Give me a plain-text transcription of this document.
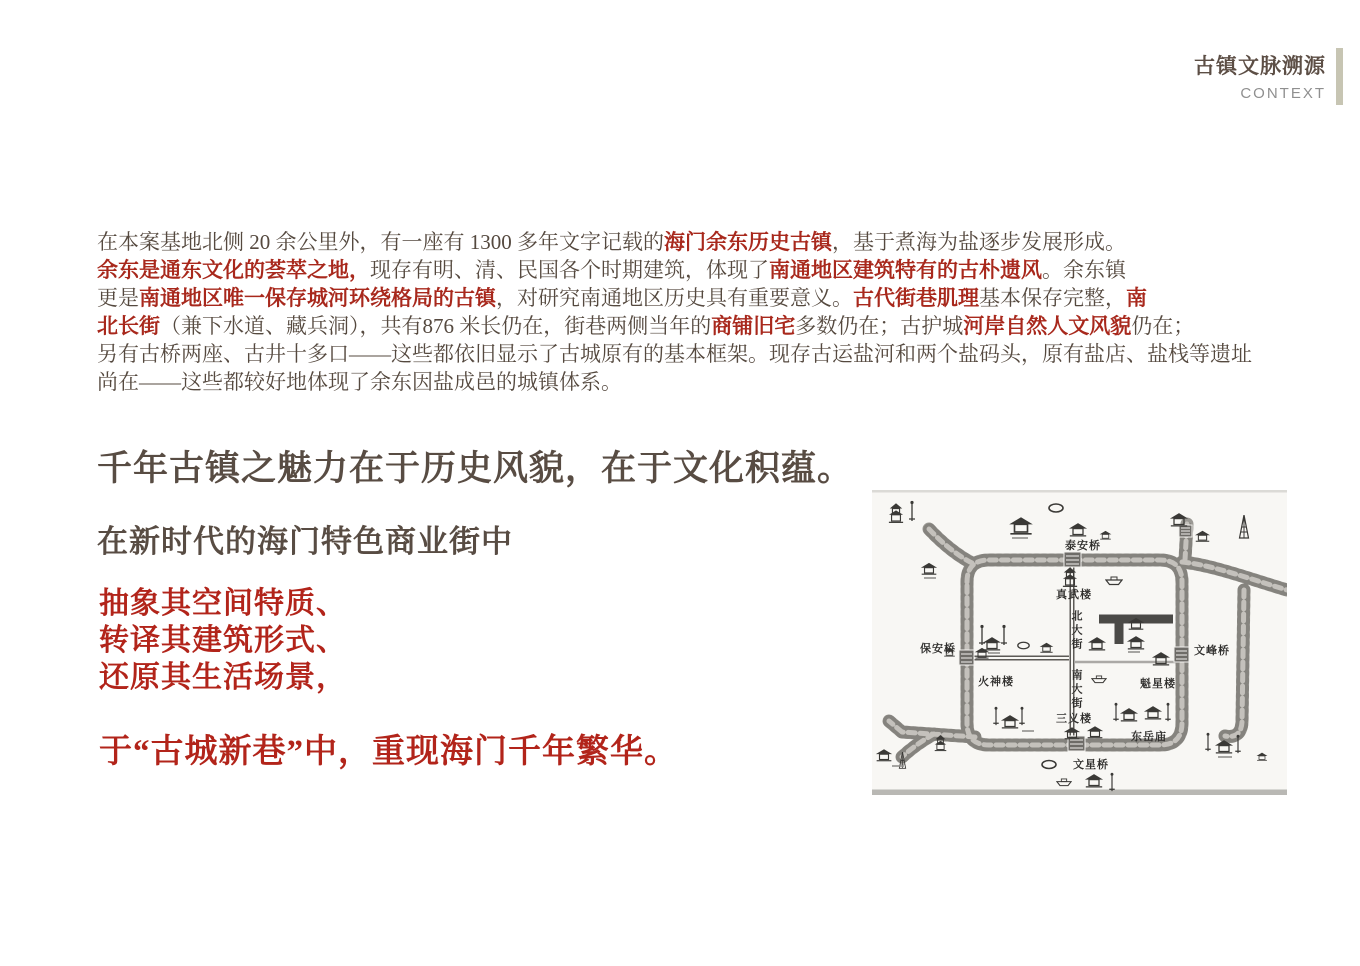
古镇文脉溯源
CONTEXT
在本案基地北侧 20 余公里外，有一座有 1300 多年文字记载的海门余东历史古镇，基于煮海为盐逐步发展形成。
余东是通东文化的荟萃之地，现存有明、清、民国各个时期建筑，体现了南通地区建筑特有的古朴遗风。余东镇
更是南通地区唯一保存城河环绕格局的古镇，对研究南通地区历史具有重要意义。古代街巷肌理基本保存完整，南
北长街（兼下水道、藏兵洞），共有876 米长仍在，街巷两侧当年的商铺旧宅多数仍在；古护城河岸自然人文风貌仍在；
另有古桥两座、古井十多口——这些都依旧显示了古城原有的基本框架。现存古运盐河和两个盐码头，原有盐店、盐栈等遗址
尚在——这些都较好地体现了余东因盐成邑的城镇体系。
千年古镇之魅力在于历史风貌，在于文化积蕴。
在新时代的海门特色商业街中
抽象其空间特质、
转译其建筑形式、
还原其生活场景，
于“古城新巷”中，重现海门千年繁华。
泰安桥
真武楼
北大街
南大街
保安桥
火神楼
文峰桥
魁星楼
三义楼
东岳庙
文星桥
